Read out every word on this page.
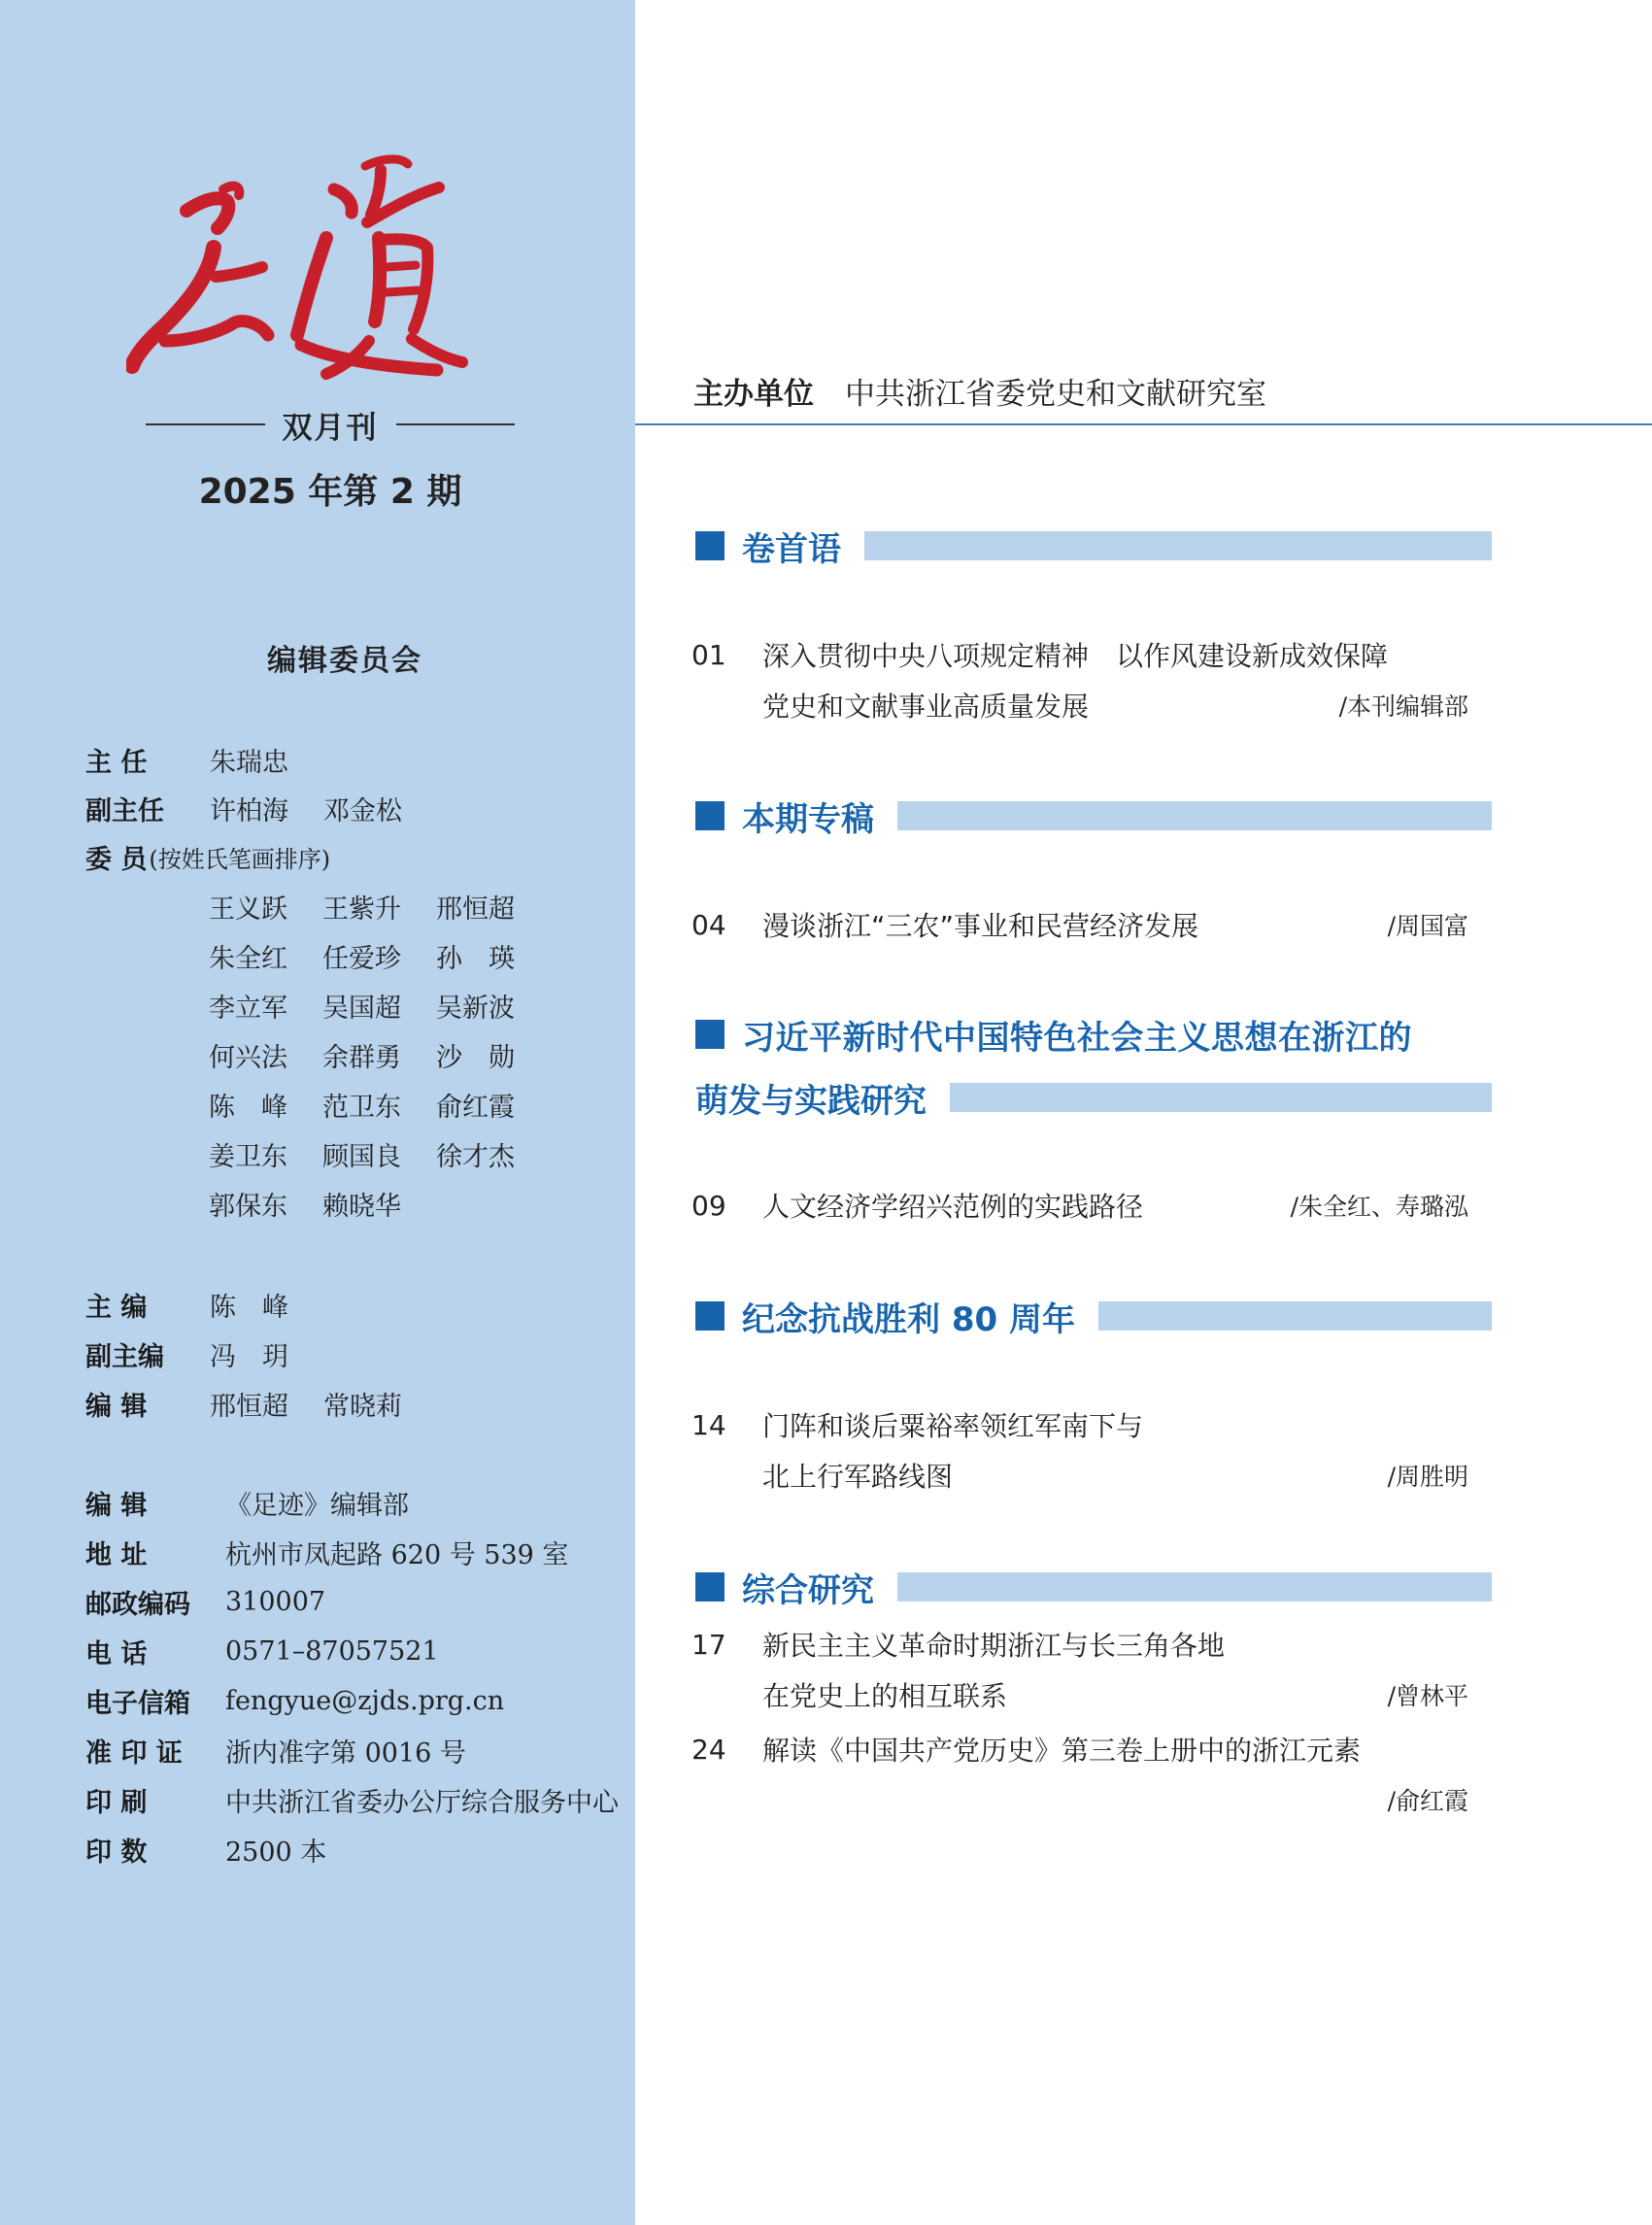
双月刊
2025 年第 2 期
编辑委员会
主 任 朱瑞忠
副主任 许柏海	邓金松
委 员 (按姓氏笔画排序)
王义跃	王紫升	邢恒超
朱全红	任爱珍	孙　瑛
李立军	吴国超	吴新波
何兴法	余群勇	沙　勋
陈　峰	范卫东	俞红霞
姜卫东	顾国良	徐才杰
郭保东	赖晓华
主 编 陈　峰
副主编 冯　玥
编 辑 邢恒超	常晓莉
编 辑	《足迹》编辑部
地 址	杭州市凤起路 620 号 539 室
邮政编码 310007
电 话	0571–87057521
电子信箱 fengyue@zjds.prg.cn
准 印 证 浙内准字第 0016 号
印 刷	中共浙江省委办公厅综合服务中心
印 数	2500 本
主办单位 中共浙江省委党史和文献研究室
卷首语
01	深入贯彻中央八项规定精神　以作风建设新成效保障
党史和文献事业高质量发展	/本刊编辑部
本期专稿
04	漫谈浙江“三农”事业和民营经济发展	/周国富
习近平新时代中国特色社会主义思想在浙江的
萌发与实践研究
09	人文经济学绍兴范例的实践路径	/朱全红、寿璐泓
纪念抗战胜利 80 周年
14	门阵和谈后粟裕率领红军南下与
北上行军路线图	/周胜明
综合研究
17	新民主主义革命时期浙江与长三角各地
在党史上的相互联系	/曾林平
24	解读《中国共产党历史》第三卷上册中的浙江元素
/俞红霞
